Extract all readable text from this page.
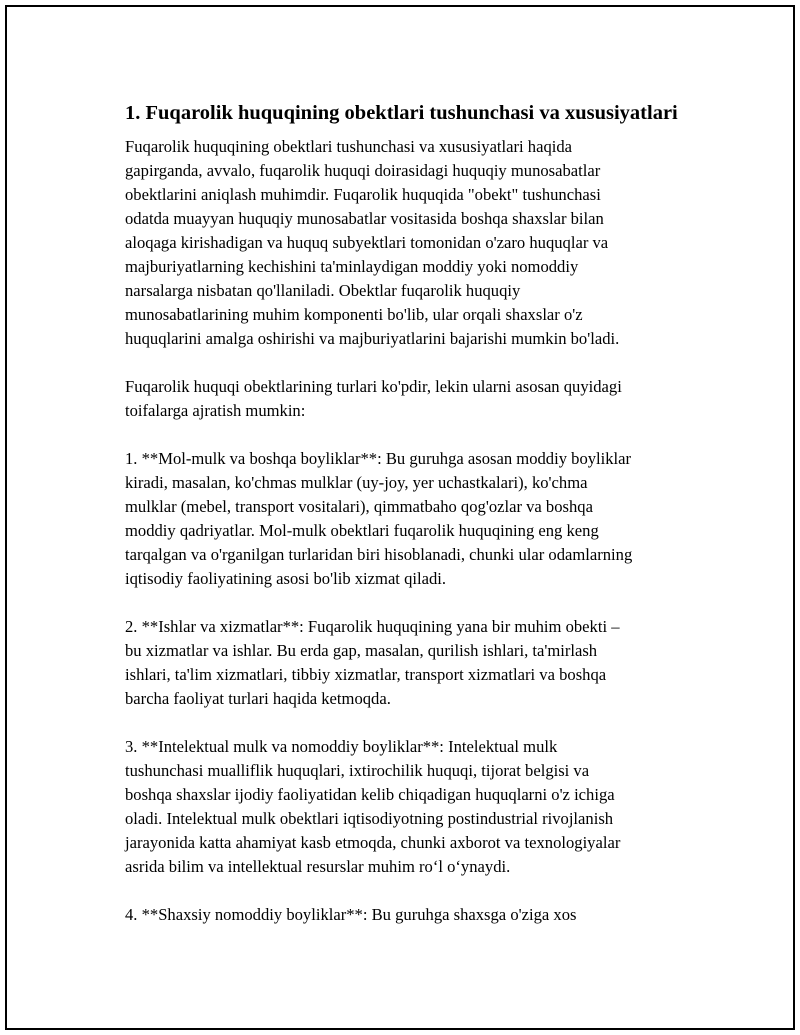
1. Fuqarolik huquqining obektlari tushunchasi va xususiyatlari

Fuqarolik huquqining obektlari tushunchasi va xususiyatlari haqida
gapirganda, avvalo, fuqarolik huquqi doirasidagi huquqiy munosabatlar
obektlarini aniqlash muhimdir. Fuqarolik huquqida "obekt" tushunchasi
odatda muayyan huquqiy munosabatlar vositasida boshqa shaxslar bilan
aloqaga kirishadigan va huquq subyektlari tomonidan o'zaro huquqlar va
majburiyatlarning kechishini ta'minlaydigan moddiy yoki nomoddiy
narsalarga nisbatan qo'llaniladi. Obektlar fuqarolik huquqiy
munosabatlarining muhim komponenti bo'lib, ular orqali shaxslar o'z
huquqlarini amalga oshirishi va majburiyatlarini bajarishi mumkin bo'ladi.

Fuqarolik huquqi obektlarining turlari ko'pdir, lekin ularni asosan quyidagi
toifalarga ajratish mumkin:

1. **Mol-mulk va boshqa boyliklar**: Bu guruhga asosan moddiy boyliklar
kiradi, masalan, ko'chmas mulklar (uy-joy, yer uchastkalari), ko'chma
mulklar (mebel, transport vositalari), qimmatbaho qog'ozlar va boshqa
moddiy qadriyatlar. Mol-mulk obektlari fuqarolik huquqining eng keng
tarqalgan va o'rganilgan turlaridan biri hisoblanadi, chunki ular odamlarning
iqtisodiy faoliyatining asosi bo'lib xizmat qiladi.

2. **Ishlar va xizmatlar**: Fuqarolik huquqining yana bir muhim obekti –
bu xizmatlar va ishlar. Bu erda gap, masalan, qurilish ishlari, ta'mirlash
ishlari, ta'lim xizmatlari, tibbiy xizmatlar, transport xizmatlari va boshqa
barcha faoliyat turlari haqida ketmoqda.

3. **Intelektual mulk va nomoddiy boyliklar**: Intelektual mulk
tushunchasi mualliflik huquqlari, ixtirochilik huquqi, tijorat belgisi va
boshqa shaxslar ijodiy faoliyatidan kelib chiqadigan huquqlarni o'z ichiga
oladi. Intelektual mulk obektlari iqtisodiyotning postindustrial rivojlanish
jarayonida katta ahamiyat kasb etmoqda, chunki axborot va texnologiyalar
asrida bilim va intellektual resurslar muhim roʻl oʻynaydi.

4. **Shaxsiy nomoddiy boyliklar**: Bu guruhga shaxsga o'ziga xos
